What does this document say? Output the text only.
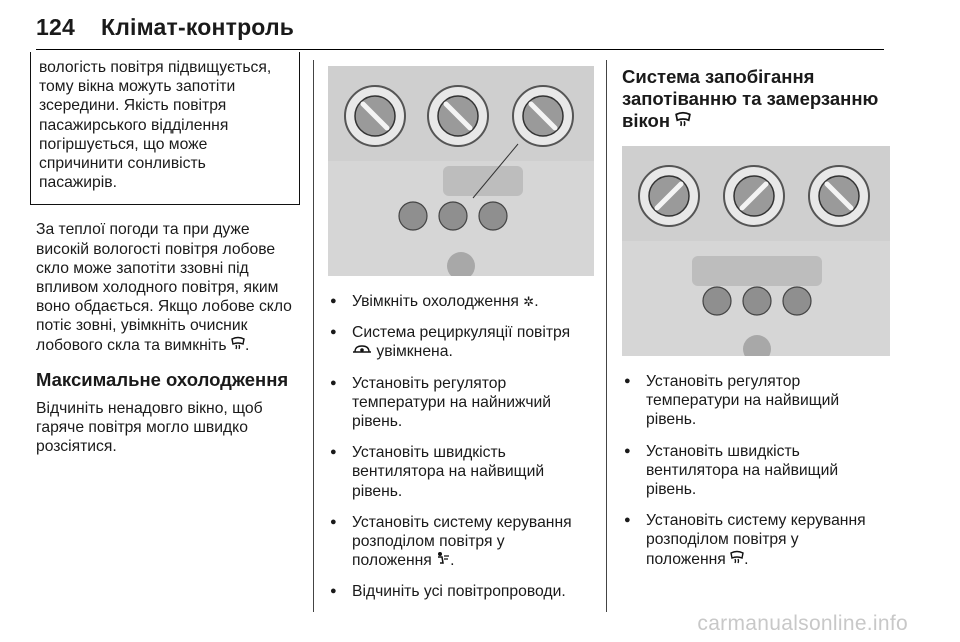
124 Клімат-контроль
вологість повітря підвищується,
тому вікна можуть запотіти
зсередини. Якість повітря
пасажирського відділення
погіршується, що може
спричинити сонливість
пасажирів.
За теплої погоди та при дуже
високій вологості повітря лобове
скло може запотіти ззовні під
впливом холодного повітря, яким
воно обдається. Якщо лобове скло
потіє зовні, увімкніть очисник
лобового скла та вимкніть .
Максимальне охолодження
Відчиніть ненадовго вікно, щоб
гаряче повітря могло швидко
розсіятися.
● Увімкніть охолодження ✲.
● Система рециркуляції повітря
увімкнена.
● Установіть регулятор
температури на найнижчий
рівень.
● Установіть швидкість
вентилятора на найвищий
рівень.
● Установіть систему керування
розподілом повітря у
положення .
● Відчиніть усі повітропроводи.
Система запобігання
запотіванню та замерзанню
вікон
● Установіть регулятор
температури на найвищий
рівень.
● Установіть швидкість
вентилятора на найвищий
рівень.
● Установіть систему керування
розподілом повітря у
положення .
carmanualsonline.info
